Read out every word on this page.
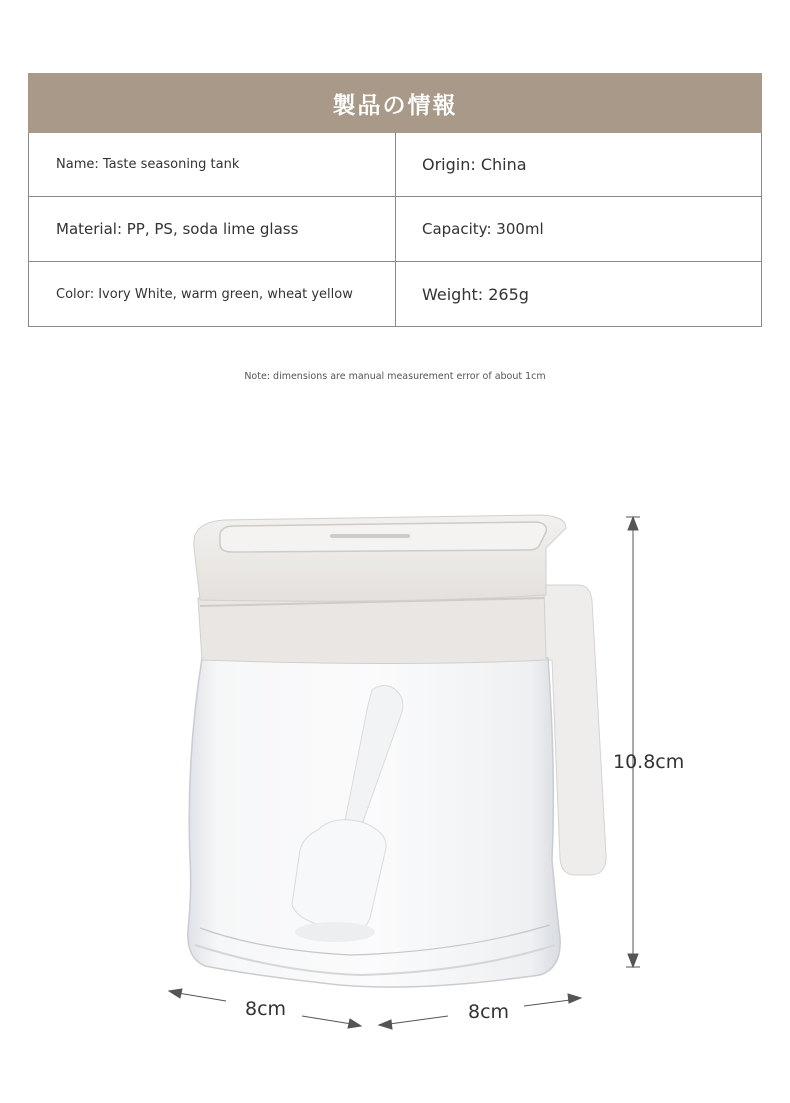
製品の情報
Name: Taste seasoning tank	Origin: China
Material: PP, PS, soda lime glass	Capacity: 300ml
Color: Ivory White, warm green, wheat yellow	Weight: 265g
Note: dimensions are manual measurement error of about 1cm
10.8cm
8cm	8cm
